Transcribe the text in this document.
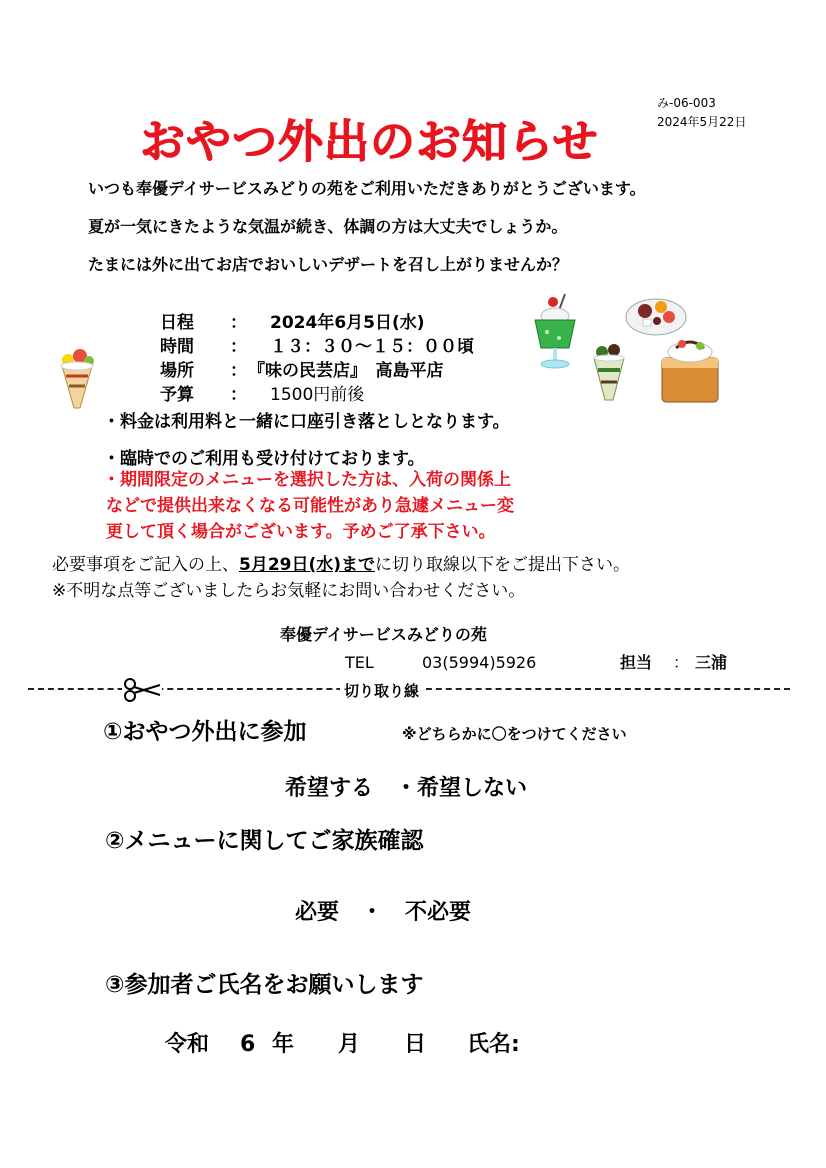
み-06-003
2024年5月22日
おやつ外出のお知らせ
いつも奉優デイサービスみどりの苑をご利用いただきありがとうございます。
夏が一気にきたような気温が続き、体調の方は大丈夫でしょうか。
たまには外に出てお店でおいしいデザートを召し上がりませんか？
日程 ： 2024年6月5日(水)
時間 ： １３：３０～１５：００頃
場所 ： 『味の民芸店』　高島平店
予算 ： 1500円前後
・料金は利用料と一緒に口座引き落としとなります。
・臨時でのご利用も受け付けております。
・期間限定のメニューを選択した方は、入荷の関係上
などで提供出来なくなる可能性があり急遽メニュー変
更して頂く場合がございます。予めご了承下さい。
必要事項をご記入の上、5月29日(水)までに切り取線以下をご提出下さい。
※不明な点等ございましたらお気軽にお問い合わせください。
奉優デイサービスみどりの苑
TEL	03(5994)5926	担当 ： 三浦
切り取り線
①おやつ外出に参加	※どちらかに〇をつけてください
希望する　・希望しない
②メニューに関してご家族確認
必要　・　不必要
③参加者ご氏名をお願いします
令和 6 年 月 日 氏名:
